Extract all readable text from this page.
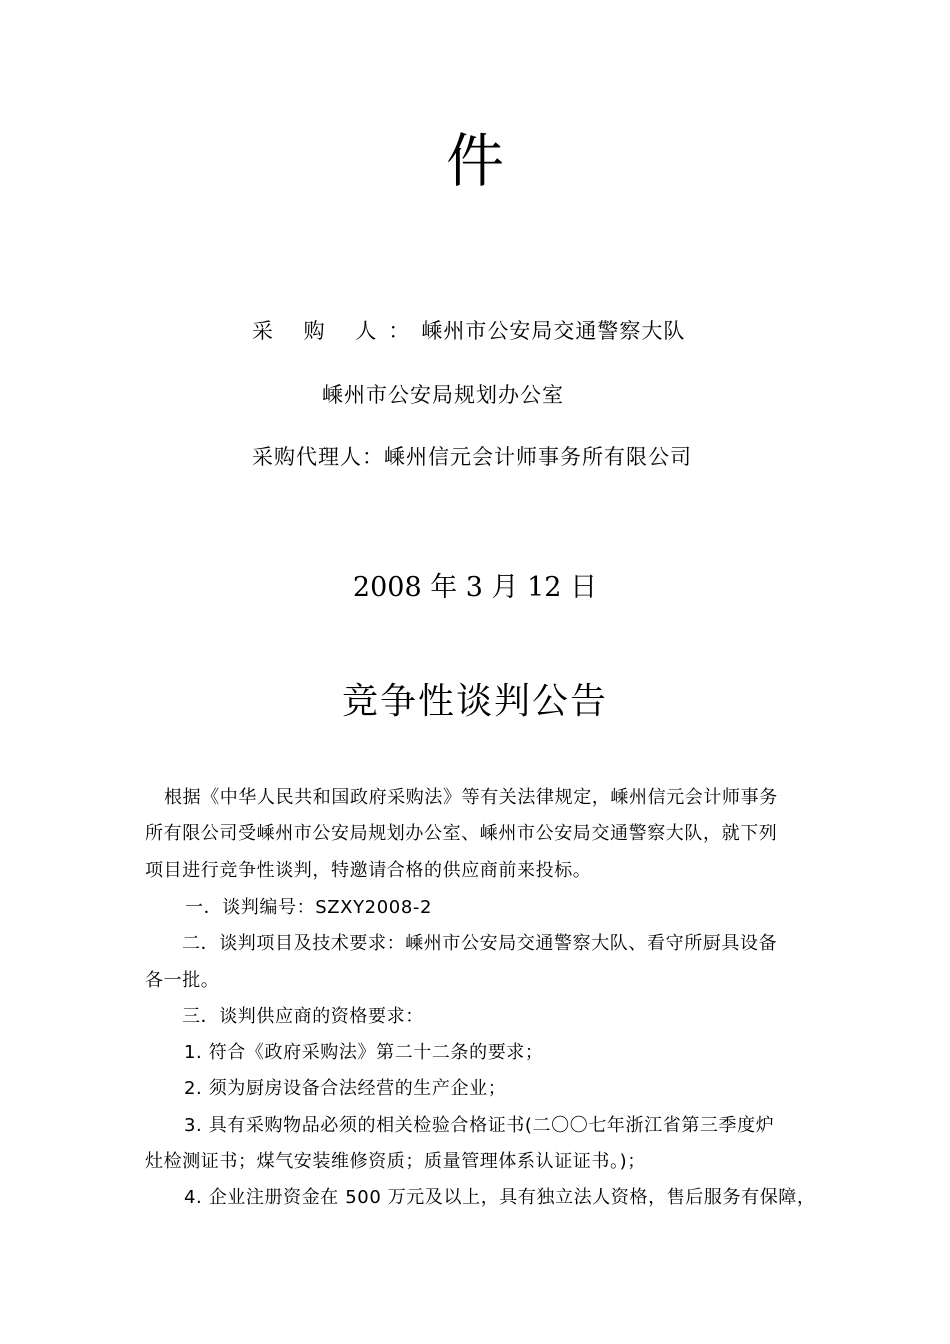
件
采 购 人：嵊州市公安局交通警察大队
嵊州市公安局规划办公室
采购代理人：嵊州信元会计师事务所有限公司
2008 年 3 月 12 日
竞争性谈判公告
根据《中华人民共和国政府采购法》等有关法律规定，嵊州信元会计师事务
所有限公司受嵊州市公安局规划办公室、嵊州市公安局交通警察大队，就下列
项目进行竞争性谈判，特邀请合格的供应商前来投标。
一．谈判编号：SZXY2008-2
二．谈判项目及技术要求：嵊州市公安局交通警察大队、看守所厨具设备
各一批。
三．谈判供应商的资格要求：
1. 符合《政府采购法》第二十二条的要求；
2. 须为厨房设备合法经营的生产企业；
3. 具有采购物品必须的相关检验合格证书(二〇〇七年浙江省第三季度炉
灶检测证书；煤气安装维修资质；质量管理体系认证证书。)；
4. 企业注册资金在 500 万元及以上，具有独立法人资格，售后服务有保障，
